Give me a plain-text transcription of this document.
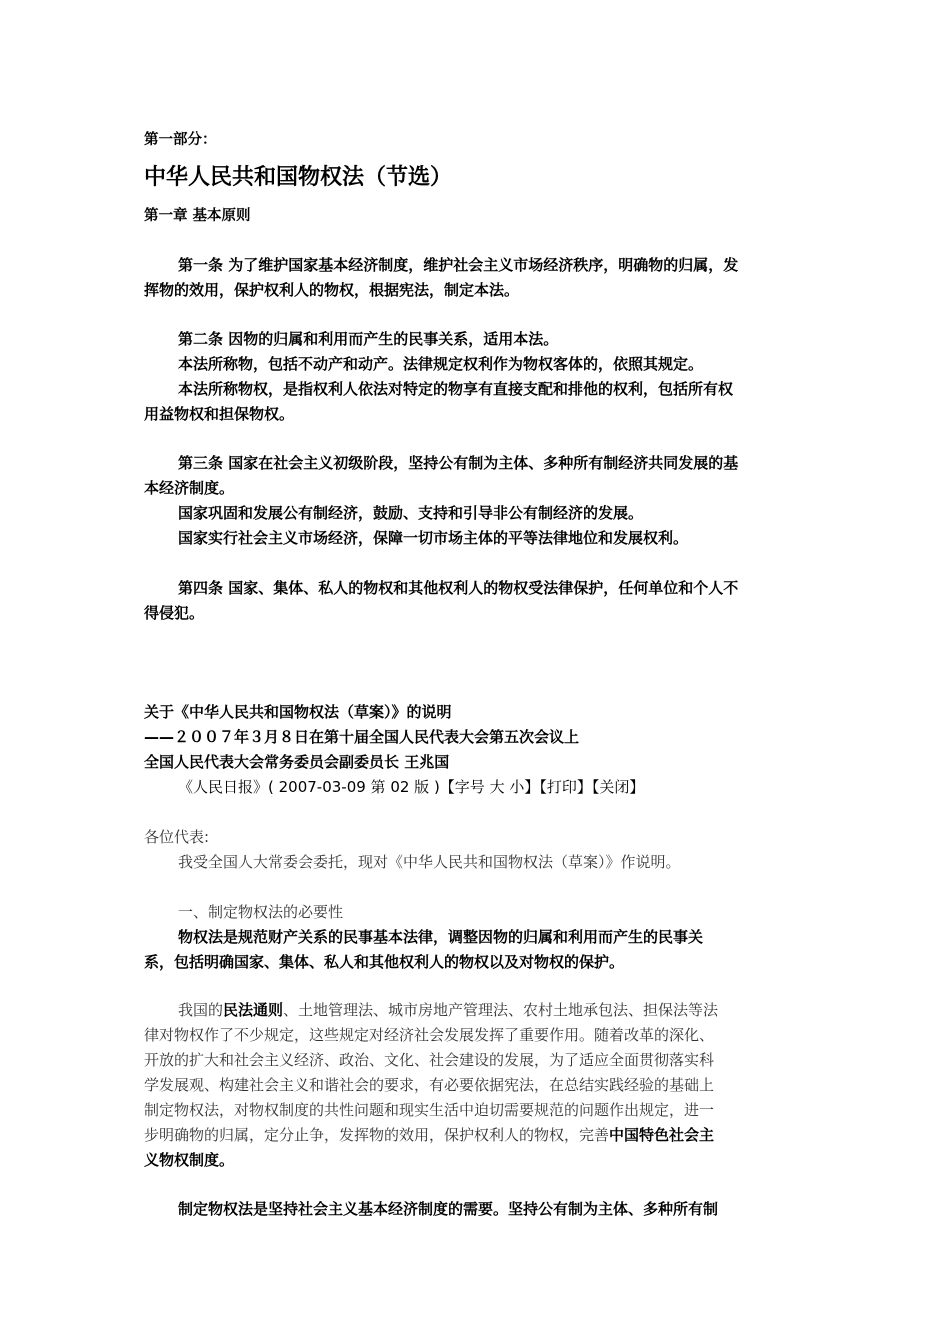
第一部分：
中华人民共和国物权法（节选）
第一章 基本原则
第一条 为了维护国家基本经济制度，维护社会主义市场经济秩序，明确物的归属，发
挥物的效用，保护权利人的物权，根据宪法，制定本法。
第二条 因物的归属和利用而产生的民事关系，适用本法。
本法所称物，包括不动产和动产。法律规定权利作为物权客体的，依照其规定。
本法所称物权，是指权利人依法对特定的物享有直接支配和排他的权利，包括所有权
用益物权和担保物权。
第三条 国家在社会主义初级阶段，坚持公有制为主体、多种所有制经济共同发展的基
本经济制度。
国家巩固和发展公有制经济，鼓励、支持和引导非公有制经济的发展。
国家实行社会主义市场经济，保障一切市场主体的平等法律地位和发展权利。
第四条 国家、集体、私人的物权和其他权利人的物权受法律保护，任何单位和个人不
得侵犯。
关于《中华人民共和国物权法（草案）》的说明
——２００７年３月８日在第十届全国人民代表大会第五次会议上
全国人民代表大会常务委员会副委员长 王兆国
《人民日报》( 2007-03-09 第 02 版 )【字号 大 小】【打印】【关闭】
各位代表:
我受全国人大常委会委托，现对《中华人民共和国物权法（草案）》作说明。
一、制定物权法的必要性
物权法是规范财产关系的民事基本法律，调整因物的归属和利用而产生的民事关
系，包括明确国家、集体、私人和其他权利人的物权以及对物权的保护。
我国的民法通则、土地管理法、城市房地产管理法、农村土地承包法、担保法等法
律对物权作了不少规定，这些规定对经济社会发展发挥了重要作用。随着改革的深化、
开放的扩大和社会主义经济、政治、文化、社会建设的发展，为了适应全面贯彻落实科
学发展观、构建社会主义和谐社会的要求，有必要依据宪法，在总结实践经验的基础上
制定物权法，对物权制度的共性问题和现实生活中迫切需要规范的问题作出规定，进一
步明确物的归属，定分止争，发挥物的效用，保护权利人的物权，完善中国特色社会主
义物权制度。
制定物权法是坚持社会主义基本经济制度的需要。坚持公有制为主体、多种所有制
